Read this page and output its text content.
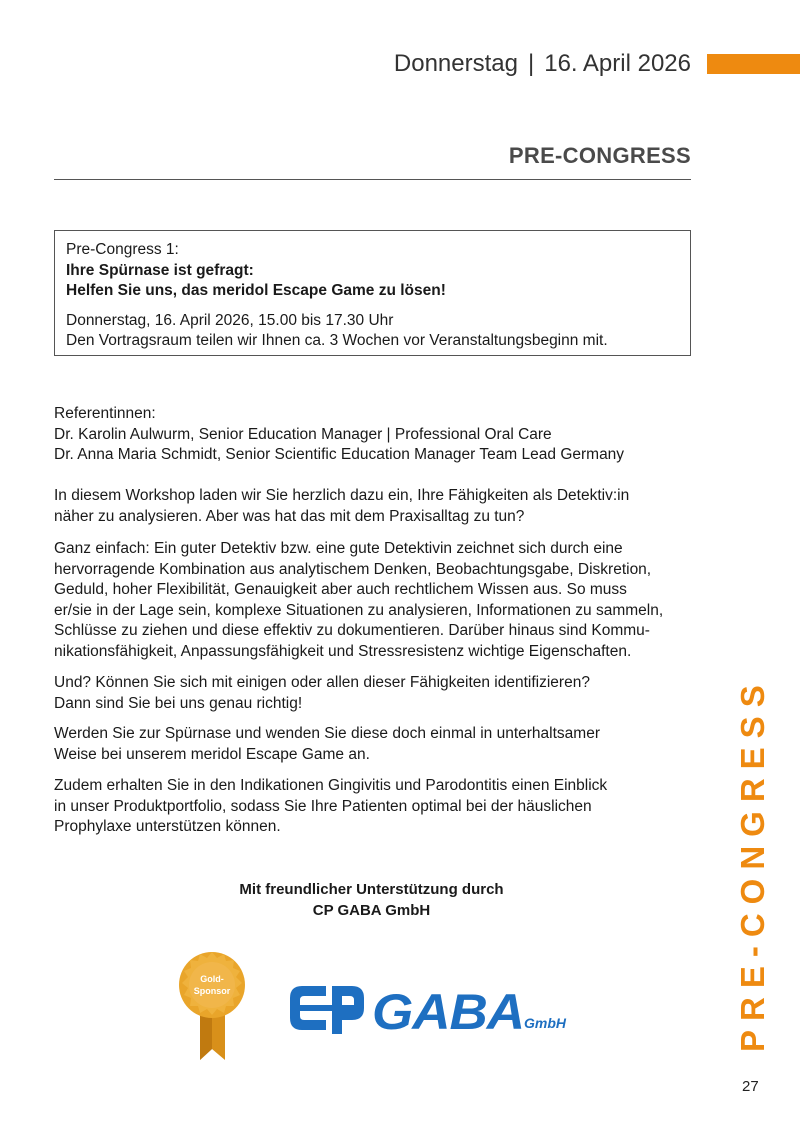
Donnerstag | 16. April 2026
PRE-CONGRESS
Pre-Congress 1:
Ihre Spürnase ist gefragt:
Helfen Sie uns, das meridol Escape Game zu lösen!
Donnerstag, 16. April 2026, 15.00 bis 17.30 Uhr
Den Vortragsraum teilen wir Ihnen ca. 3 Wochen vor Veranstaltungsbeginn mit.
Referentinnen:
Dr. Karolin Aulwurm, Senior Education Manager | Professional Oral Care
Dr. Anna Maria Schmidt, Senior Scientific Education Manager Team Lead Germany
In diesem Workshop laden wir Sie herzlich dazu ein, Ihre Fähigkeiten als Detektiv:in
näher zu analysieren. Aber was hat das mit dem Praxisalltag zu tun?
Ganz einfach: Ein guter Detektiv bzw. eine gute Detektivin zeichnet sich durch eine
hervorragende Kombination aus analytischem Denken, Beobachtungsgabe, Diskretion,
Geduld, hoher Flexibilität, Genauigkeit aber auch rechtlichem Wissen aus. So muss
er/sie in der Lage sein, komplexe Situationen zu analysieren, Informationen zu sammeln,
Schlüsse zu ziehen und diese effektiv zu dokumentieren. Darüber hinaus sind Kommu-
nikationsfähigkeit, Anpassungsfähigkeit und Stressresistenz wichtige Eigenschaften.
Und? Können Sie sich mit einigen oder allen dieser Fähigkeiten identifizieren?
Dann sind Sie bei uns genau richtig!
Werden Sie zur Spürnase und wenden Sie diese doch einmal in unterhaltsamer
Weise bei unserem meridol Escape Game an.
Zudem erhalten Sie in den Indikationen Gingivitis und Parodontitis einen Einblick
in unser Produktportfolio, sodass Sie Ihre Patienten optimal bei der häuslichen
Prophylaxe unterstützen können.
Mit freundlicher Unterstützung durch
CP GABA GmbH
Gold-
Sponsor	GABA GmbH	PRE-CONGRESS
27
